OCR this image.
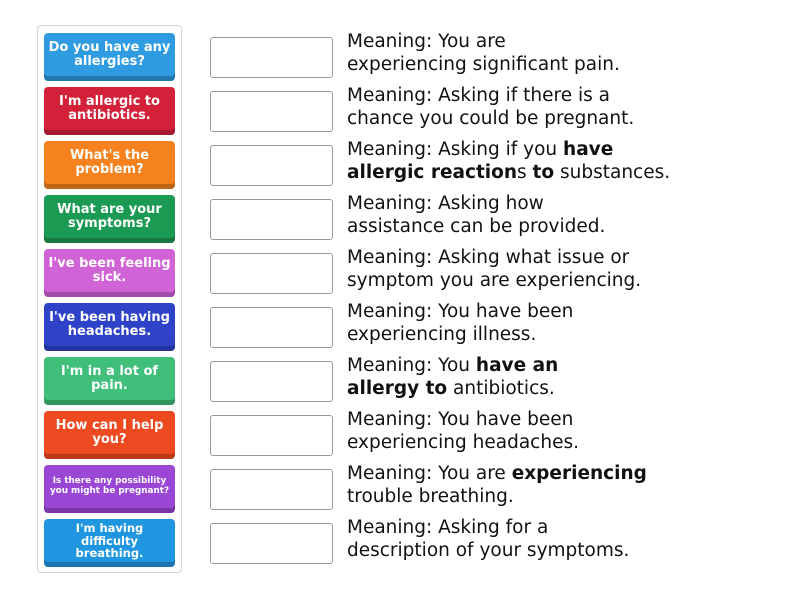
Do you have any allergies?
I'm allergic to antibiotics.
What's the problem?
What are your symptoms?
I've been feeling sick.
I've been having headaches.
I'm in a lot of pain.
How can I help you?
Is there any possibility you might be pregnant?
I'm having difficulty breathing.
Meaning: You are
experiencing significant pain.
Meaning: Asking if there is a
chance you could be pregnant.
Meaning: Asking if you have
allergic reactions to substances.
Meaning: Asking how
assistance can be provided.
Meaning: Asking what issue or
symptom you are experiencing.
Meaning: You have been
experiencing illness.
Meaning: You have an
allergy to antibiotics.
Meaning: You have been
experiencing headaches.
Meaning: You are experiencing
trouble breathing.
Meaning: Asking for a
description of your symptoms.
